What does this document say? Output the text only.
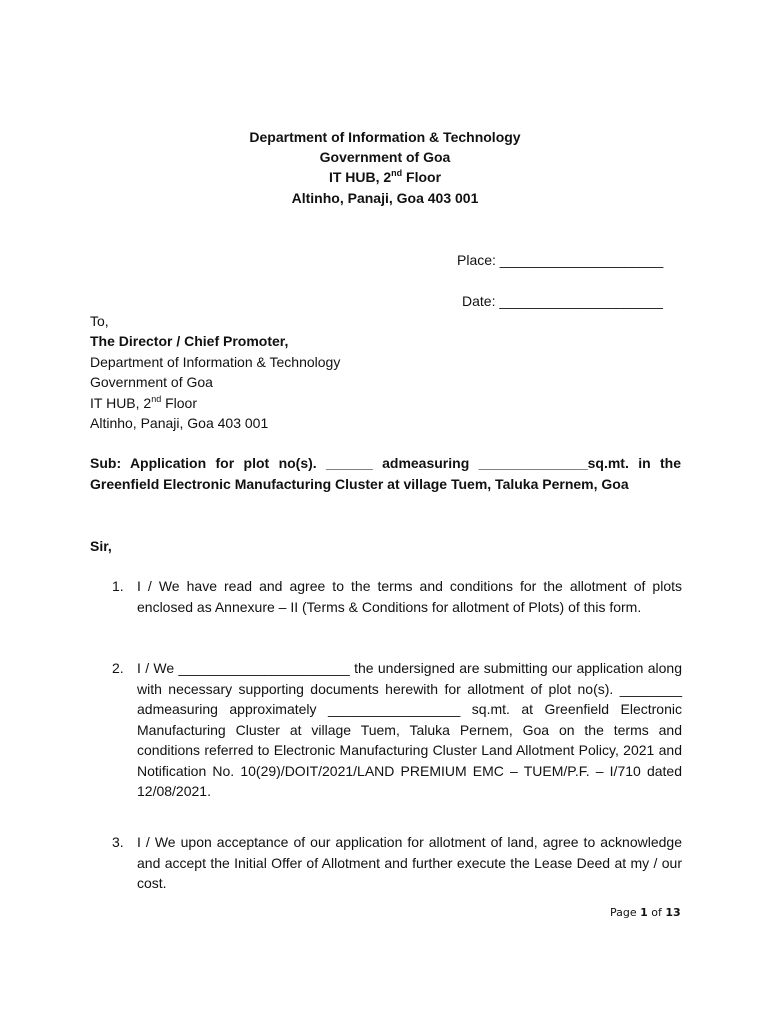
Department of Information & Technology
Government of Goa
IT HUB, 2nd Floor
Altinho, Panaji, Goa 403 001
Place: _____________________
Date: _____________________
To,
The Director / Chief Promoter,
Department of Information & Technology
Government of Goa
IT HUB, 2nd Floor
Altinho, Panaji, Goa 403 001
Sub: Application for plot no(s). ______ admeasuring ______________sq.mt. in the Greenfield Electronic Manufacturing Cluster at village Tuem, Taluka Pernem, Goa
Sir,
1. I / We have read and agree to the terms and conditions for the allotment of plots enclosed as Annexure – II (Terms & Conditions for allotment of Plots) of this form.
2. I / We ______________________ the undersigned are submitting our application along with necessary supporting documents herewith for allotment of plot no(s). ________ admeasuring approximately _________________ sq.mt. at Greenfield Electronic Manufacturing Cluster at village Tuem, Taluka Pernem, Goa on the terms and conditions referred to Electronic Manufacturing Cluster Land Allotment Policy, 2021 and Notification No. 10(29)/DOIT/2021/LAND PREMIUM EMC – TUEM/P.F. – I/710 dated 12/08/2021.
3. I / We upon acceptance of our application for allotment of land, agree to acknowledge and accept the Initial Offer of Allotment and further execute the Lease Deed at my / our cost.
Page 1 of 13
